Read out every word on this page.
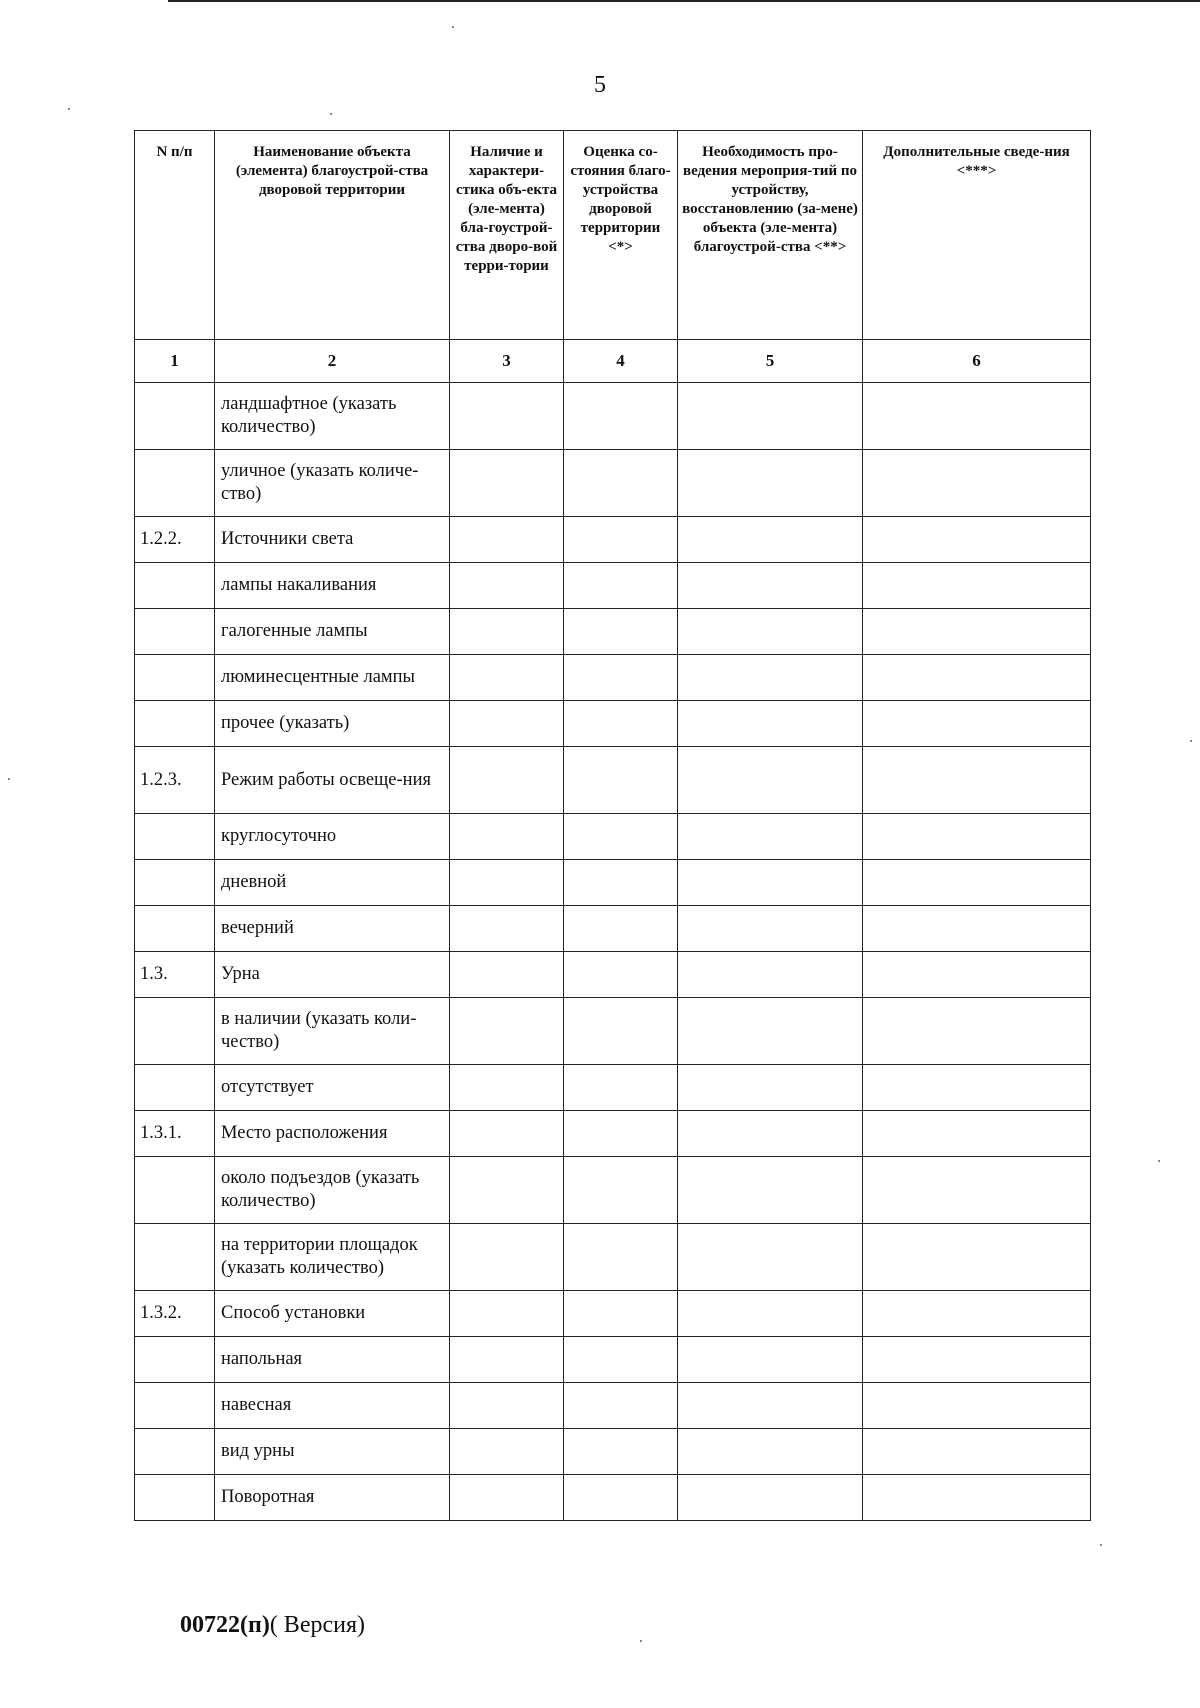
5
N п/п	Наименование объекта (элемента) благоустрой-ства дворовой территории	Наличие и характери-стика объ-екта (эле-мента) бла-гоустрой-ства дворо-вой терри-тории	Оценка со-стояния благо-устройства дворовой территории <*>	Необходимость про-ведения мероприя-тий по устройству, восстановлению (за-мене) объекта (эле-мента) благоустрой-ства <**>	Дополнительные сведе-ния <***>
1	2	3	4	5	6
	ландшафтное (указать количество)				
	уличное (указать количе-ство)				
1.2.2.	Источники света				
	лампы накаливания				
	галогенные лампы				
	люминесцентные лампы				
	прочее (указать)				
1.2.3.	Режим работы освеще-ния				
	круглосуточно				
	дневной				
	вечерний				
1.3.	Урна				
	в наличии (указать коли-чество)				
	отсутствует				
1.3.1.	Место расположения				
	около подъездов (указать количество)				
	на территории площадок (указать количество)				
1.3.2.	Способ установки				
	напольная				
	навесная				
	вид урны				
	Поворотная				
00722(п)( Версия)
